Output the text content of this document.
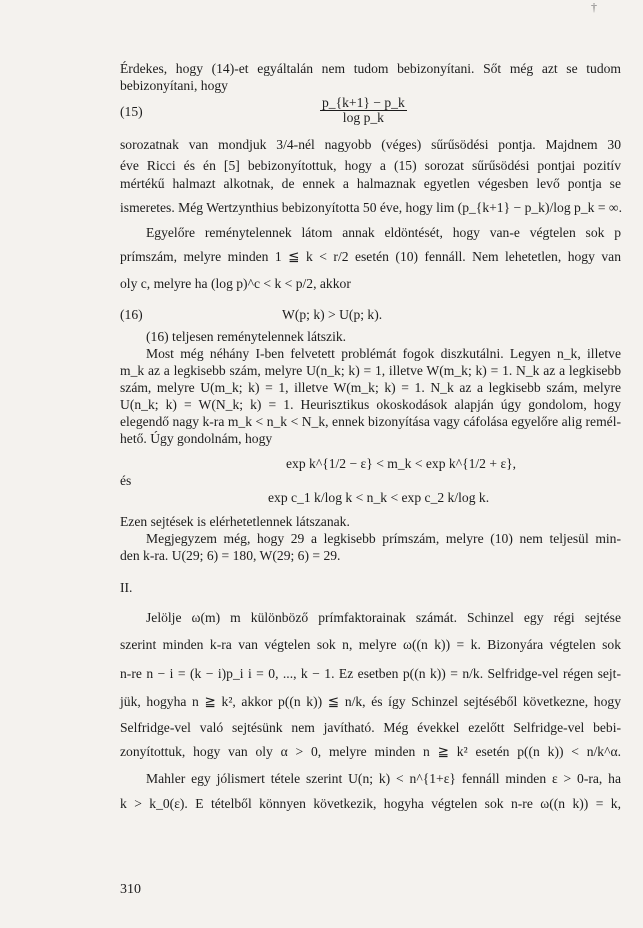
†
Érdekes, hogy (14)-et egyáltalán nem tudom bebizonyítani. Sőt még azt se tudom
bebizonyítani, hogy
(15)	$\frac{p\_\{k+1\} - p\_k}{\text{log p\_k}}$
sorozatnak van mondjuk 3/4-nél nagyobb (véges) sűrűsödési pontja. Majdnem 30
éve Ricci és én [5] bebizonyítottuk, hogy a (15) sorozat sűrűsödési pontjai pozitív
mértékű halmazt alkotnak, de ennek a halmaznak egyetlen végesben levő pontja se
ismeretes. Még Wertzynthius bebizonyította 50 éve, hogy lim (p_{k+1} − p_k)/log p_k = ∞.
Egyelőre reménytelennek látom annak eldöntését, hogy van-e végtelen sok p
prímszám, melyre minden 1 ≦ k < r/2 esetén (10) fennáll. Nem lehetetlen, hogy van
oly c, melyre ha (log p)^c < k < p/2, akkor
(16)	W(p; k) > U(p; k).
(16) teljesen reménytelennek látszik.
Most még néhány I-ben felvetett problémát fogok diszkutálni. Legyen n_k, illetve
m_k az a legkisebb szám, melyre U(n_k; k) = 1, illetve W(m_k; k) = 1. N_k az a legkisebb
szám, melyre U(m_k; k) = 1, illetve W(m_k; k) = 1. N_k az a legkisebb szám, melyre
U(n_k; k) = W(N_k; k) = 1. Heurisztikus okoskodások alapján úgy gondolom, hogy
elegendő nagy k-ra m_k < n_k < N_k, ennek bizonyítása vagy cáfolása egyelőre alig remél-
hető. Úgy gondolnám, hogy
exp k^{1/2 − ε} < m_k < exp k^{1/2 + ε},
és
exp c_1 k/log k < n_k < exp c_2 k/log k.
Ezen sejtések is elérhetetlennek látszanak.
Megjegyzem még, hogy 29 a legkisebb prímszám, melyre (10) nem teljesül min-
den k-ra. U(29; 6) = 180, W(29; 6) = 29.
II.
Jelölje ω(m) m különböző prímfaktorainak számát. Schinzel egy régi sejtése
szerint minden k-ra van végtelen sok n, melyre ω((n k)) = k. Bizonyára végtelen sok
n-re n − i = (k − i)p_i i = 0, ..., k − 1. Ez esetben p((n k)) = n/k. Selfridge-vel régen sejt-
jük, hogyha n ≧ k², akkor p((n k)) ≦ n/k, és így Schinzel sejtéséből következne, hogy
Selfridge-vel való sejtésünk nem javítható. Még évekkel ezelőtt Selfridge-vel bebi-
zonyítottuk, hogy van oly α > 0, melyre minden n ≧ k² esetén p((n k)) < n/k^α.
Mahler egy jólismert tétele szerint U(n; k) < n^{1+ε} fennáll minden ε > 0-ra, ha
k > k_0(ε). E tételből könnyen következik, hogyha végtelen sok n-re ω((n k)) = k,
310
